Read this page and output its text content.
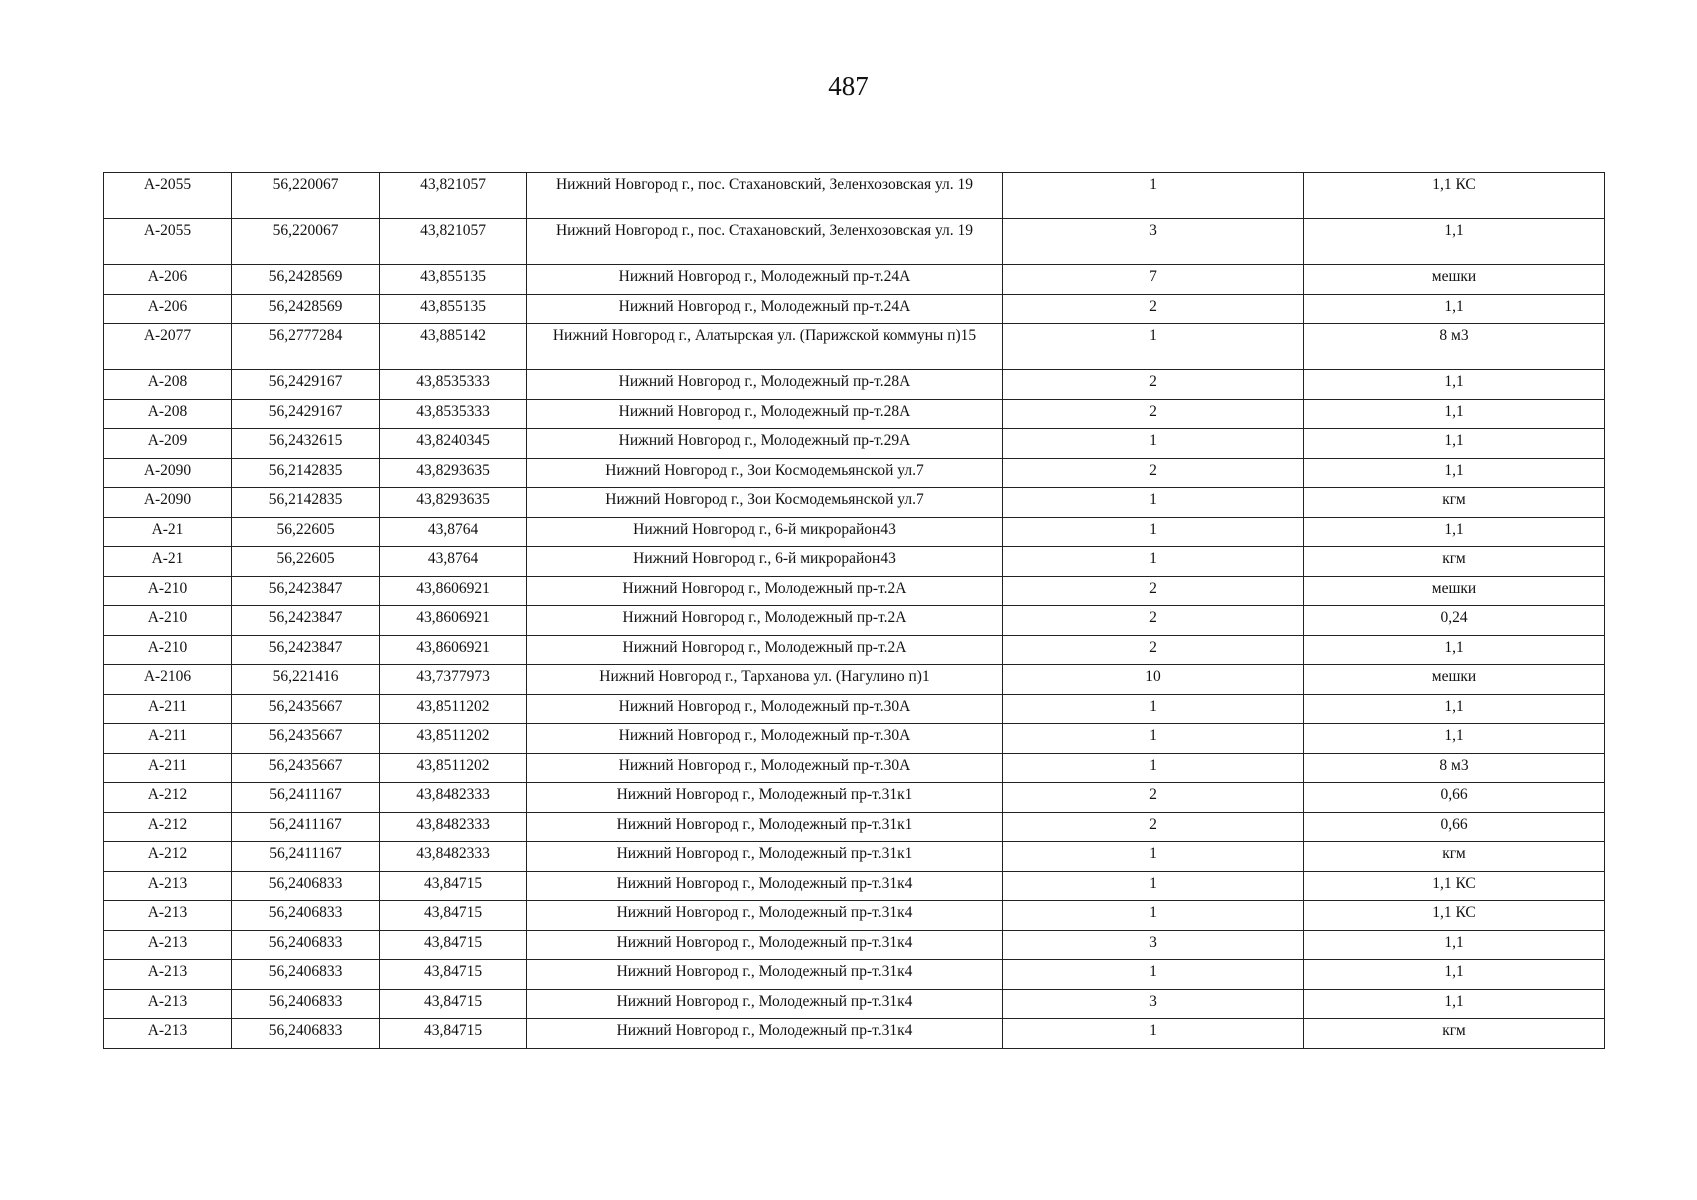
487
А-2055	56,220067	43,821057	Нижний Новгород г., пос. Стахановский, Зеленхозовская ул. 19	1	1,1 КС
А-2055	56,220067	43,821057	Нижний Новгород г., пос. Стахановский, Зеленхозовская ул. 19	3	1,1
А-206	56,2428569	43,855135	Нижний Новгород г., Молодежный пр-т.24А	7	мешки
А-206	56,2428569	43,855135	Нижний Новгород г., Молодежный пр-т.24А	2	1,1
А-2077	56,2777284	43,885142	Нижний Новгород г., Алатырская ул. (Парижской коммуны п)15	1	8 м3
А-208	56,2429167	43,8535333	Нижний Новгород г., Молодежный пр-т.28А	2	1,1
А-208	56,2429167	43,8535333	Нижний Новгород г., Молодежный пр-т.28А	2	1,1
А-209	56,2432615	43,8240345	Нижний Новгород г., Молодежный пр-т.29А	1	1,1
А-2090	56,2142835	43,8293635	Нижний Новгород г., Зои Космодемьянской ул.7	2	1,1
А-2090	56,2142835	43,8293635	Нижний Новгород г., Зои Космодемьянской ул.7	1	кгм
А-21	56,22605	43,8764	Нижний Новгород г., 6-й микрорайон43	1	1,1
А-21	56,22605	43,8764	Нижний Новгород г., 6-й микрорайон43	1	кгм
А-210	56,2423847	43,8606921	Нижний Новгород г., Молодежный пр-т.2А	2	мешки
А-210	56,2423847	43,8606921	Нижний Новгород г., Молодежный пр-т.2А	2	0,24
А-210	56,2423847	43,8606921	Нижний Новгород г., Молодежный пр-т.2А	2	1,1
А-2106	56,221416	43,7377973	Нижний Новгород г., Тарханова ул. (Нагулино п)1	10	мешки
А-211	56,2435667	43,8511202	Нижний Новгород г., Молодежный пр-т.30А	1	1,1
А-211	56,2435667	43,8511202	Нижний Новгород г., Молодежный пр-т.30А	1	1,1
А-211	56,2435667	43,8511202	Нижний Новгород г., Молодежный пр-т.30А	1	8 м3
А-212	56,2411167	43,8482333	Нижний Новгород г., Молодежный пр-т.31к1	2	0,66
А-212	56,2411167	43,8482333	Нижний Новгород г., Молодежный пр-т.31к1	2	0,66
А-212	56,2411167	43,8482333	Нижний Новгород г., Молодежный пр-т.31к1	1	кгм
А-213	56,2406833	43,84715	Нижний Новгород г., Молодежный пр-т.31к4	1	1,1 КС
А-213	56,2406833	43,84715	Нижний Новгород г., Молодежный пр-т.31к4	1	1,1 КС
А-213	56,2406833	43,84715	Нижний Новгород г., Молодежный пр-т.31к4	3	1,1
А-213	56,2406833	43,84715	Нижний Новгород г., Молодежный пр-т.31к4	1	1,1
А-213	56,2406833	43,84715	Нижний Новгород г., Молодежный пр-т.31к4	3	1,1
А-213	56,2406833	43,84715	Нижний Новгород г., Молодежный пр-т.31к4	1	кгм
